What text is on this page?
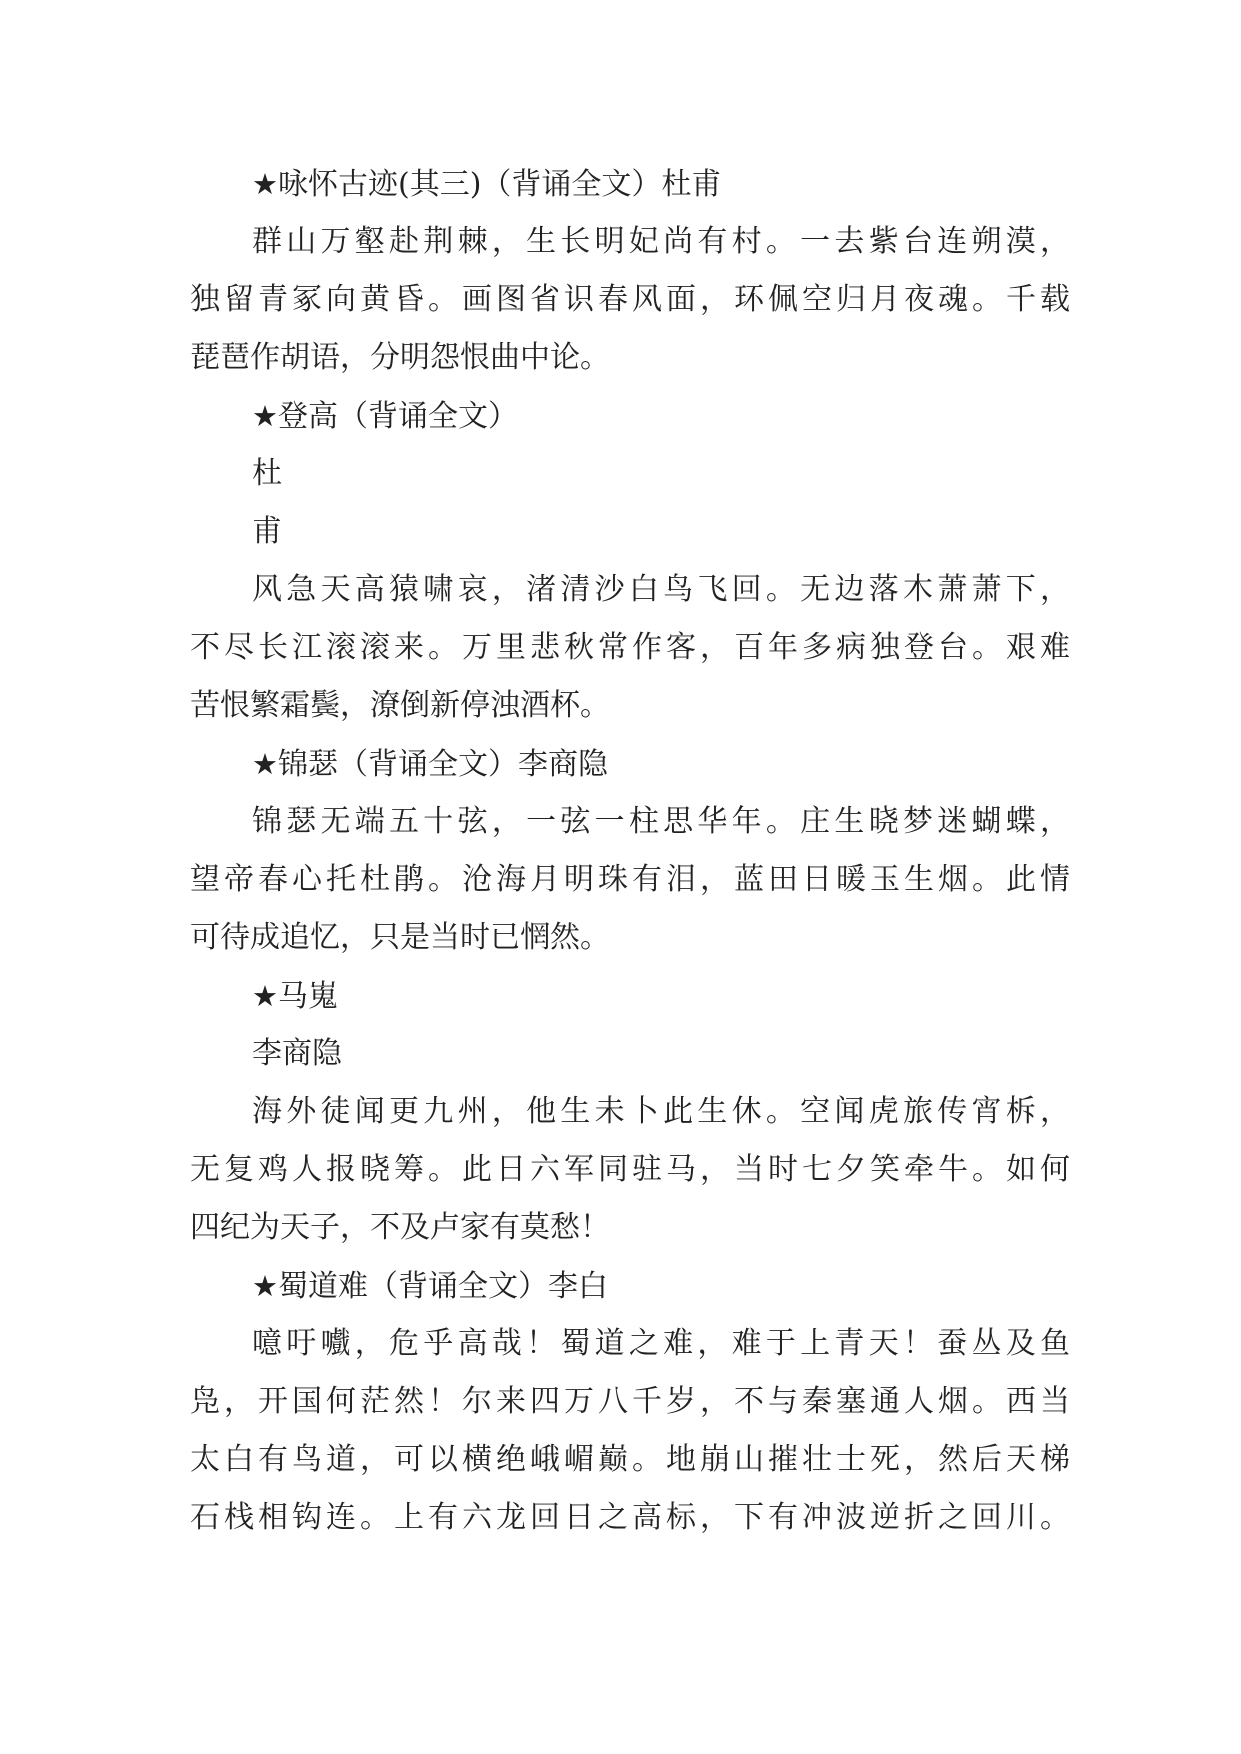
★咏怀古迹(其三)（背诵全文）杜甫
群山万壑赴荆棘，生长明妃尚有村。一去紫台连朔漠，
独留青冢向黄昏。画图省识春风面，环佩空归月夜魂。千载
琵琶作胡语，分明怨恨曲中论。
★登高（背诵全文）
杜
甫
风急天高猿啸哀，渚清沙白鸟飞回。无边落木萧萧下，
不尽长江滚滚来。万里悲秋常作客，百年多病独登台。艰难
苦恨繁霜鬓，潦倒新停浊酒杯。
★锦瑟（背诵全文）李商隐
锦瑟无端五十弦，一弦一柱思华年。庄生晓梦迷蝴蝶，
望帝春心托杜鹃。沧海月明珠有泪，蓝田日暖玉生烟。此情
可待成追忆，只是当时已惘然。
★马嵬
李商隐
海外徒闻更九州，他生未卜此生休。空闻虎旅传宵柝，
无复鸡人报晓筹。此日六军同驻马，当时七夕笑牵牛。如何
四纪为天子，不及卢家有莫愁！
★蜀道难（背诵全文）李白
噫吁嚱，危乎高哉！蜀道之难，难于上青天！蚕丛及鱼
凫，开国何茫然！尔来四万八千岁，不与秦塞通人烟。西当
太白有鸟道，可以横绝峨嵋巅。地崩山摧壮士死，然后天梯
石栈相钩连。上有六龙回日之高标，下有冲波逆折之回川。
